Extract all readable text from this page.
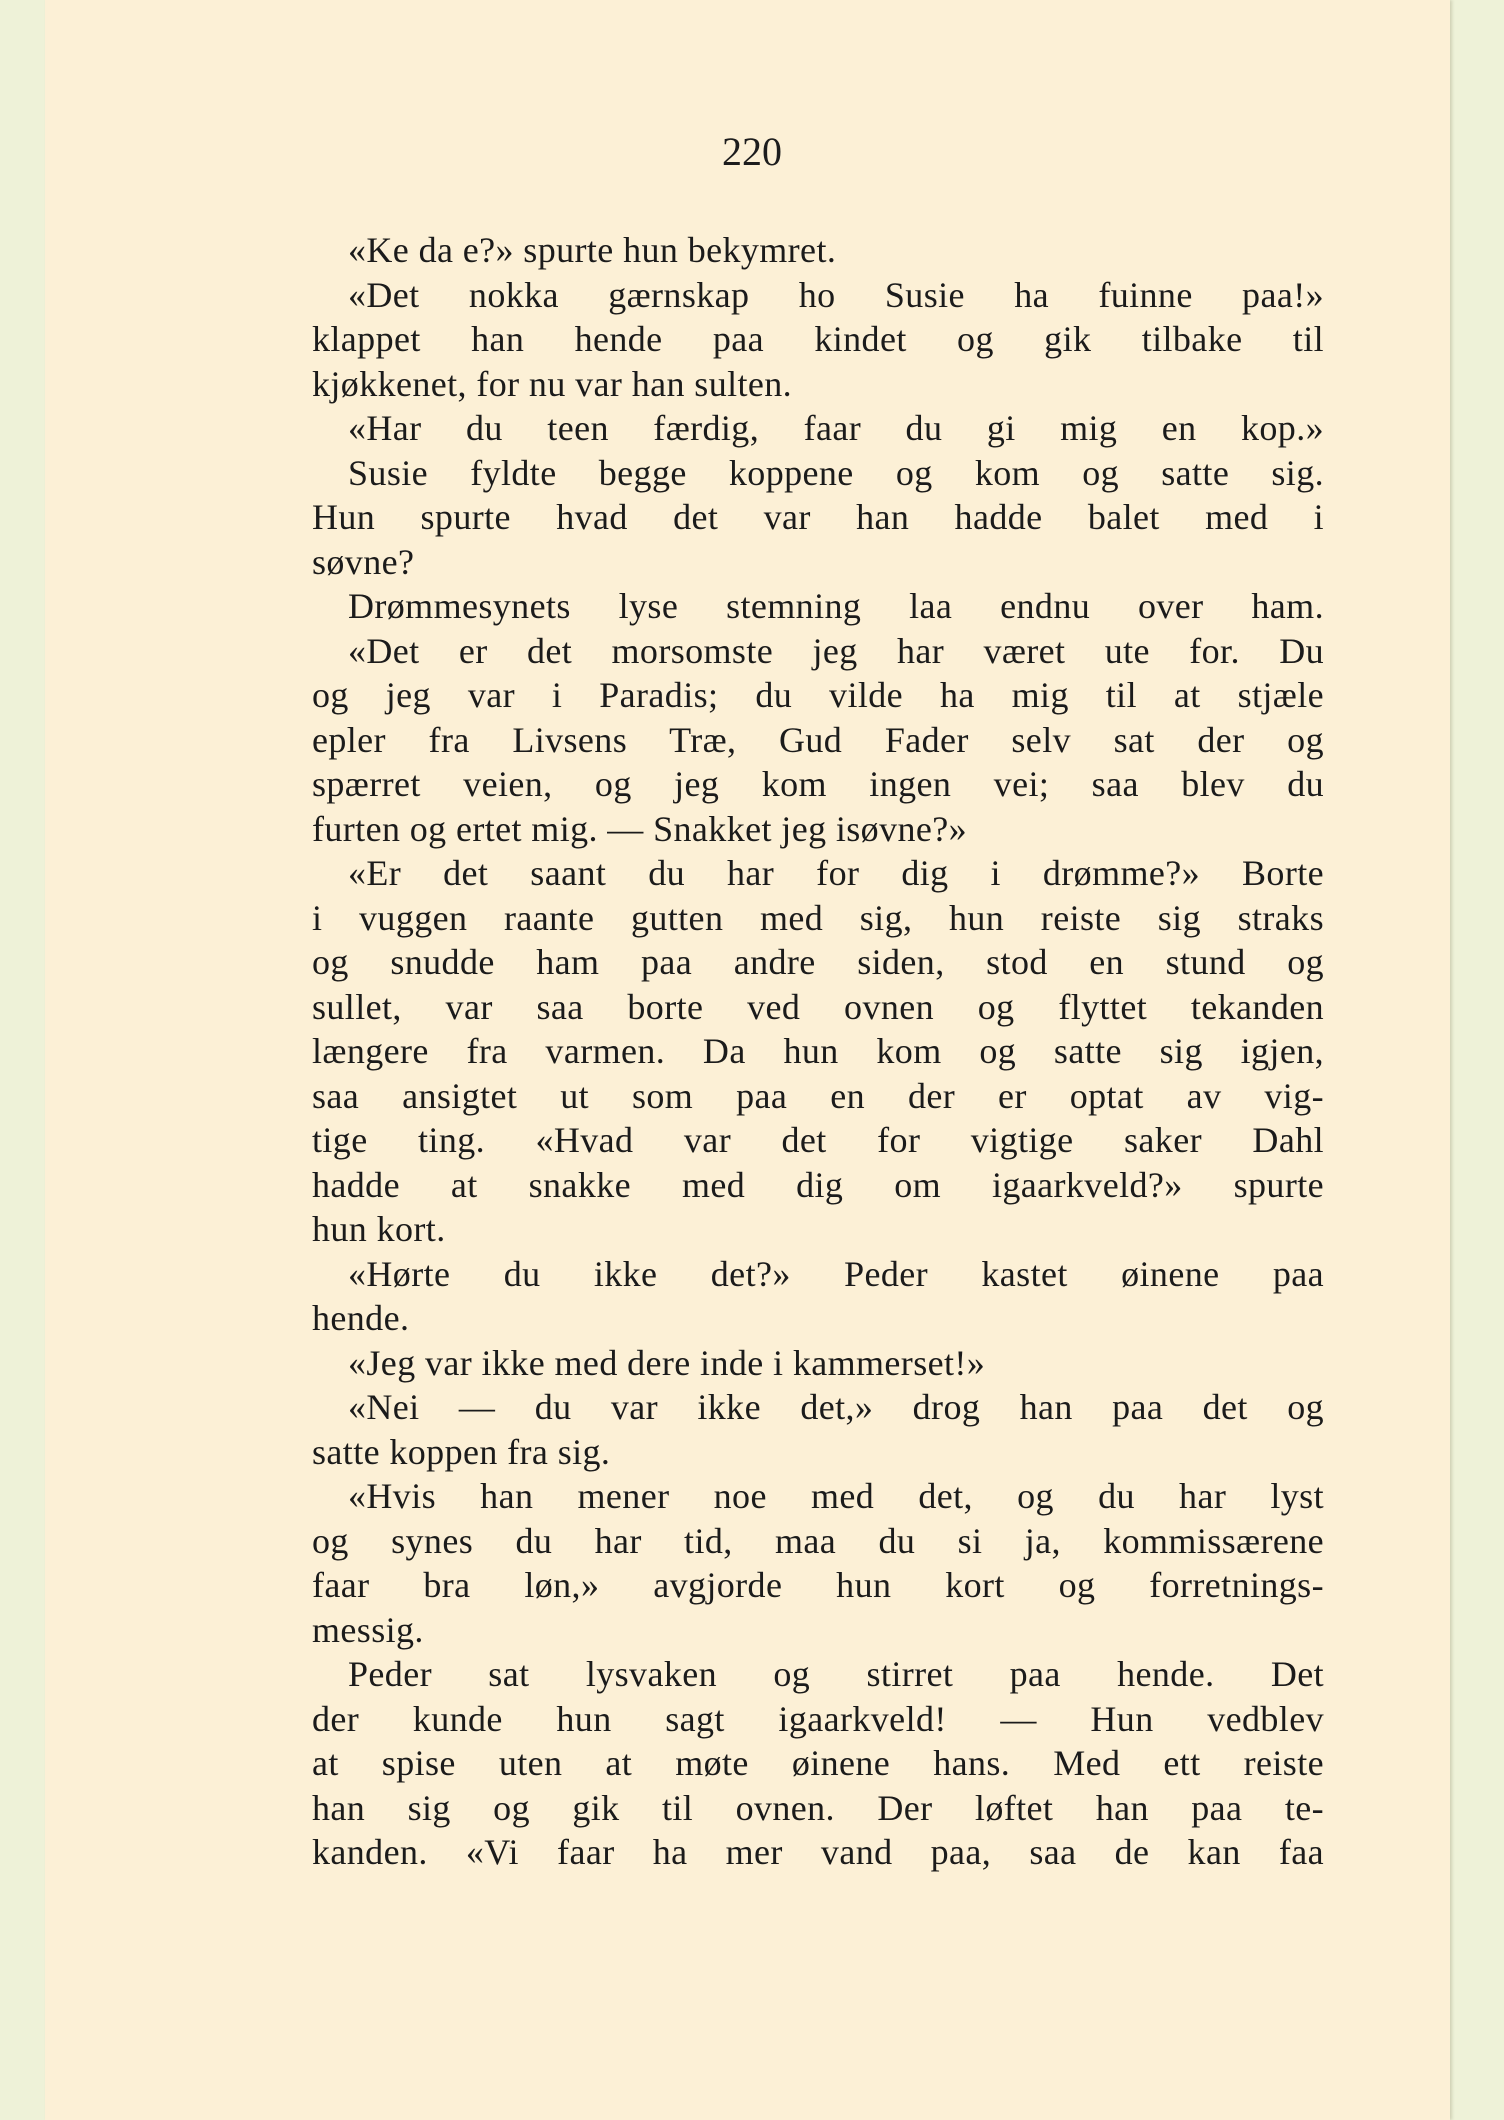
220
«Ke da e?» spurte hun bekymret.
«Det nokka gærnskap ho Susie ha fuinne paa!»
klappet han hende paa kindet og gik tilbake til
kjøkkenet, for nu var han sulten.
«Har du teen færdig, faar du gi mig en kop.»
Susie fyldte begge koppene og kom og satte sig.
Hun spurte hvad det var han hadde balet med i
søvne?
Drømmesynets lyse stemning laa endnu over ham.
«Det er det morsomste jeg har været ute for. Du
og jeg var i Paradis; du vilde ha mig til at stjæle
epler fra Livsens Træ, Gud Fader selv sat der og
spærret veien, og jeg kom ingen vei; saa blev du
furten og ertet mig. — Snakket jeg isøvne?»
«Er det saant du har for dig i drømme?» Borte
i vuggen raante gutten med sig, hun reiste sig straks
og snudde ham paa andre siden, stod en stund og
sullet, var saa borte ved ovnen og flyttet tekanden
længere fra varmen. Da hun kom og satte sig igjen,
saa ansigtet ut som paa en der er optat av vig-
tige ting. «Hvad var det for vigtige saker Dahl
hadde at snakke med dig om igaarkveld?» spurte
hun kort.
«Hørte du ikke det?» Peder kastet øinene paa
hende.
«Jeg var ikke med dere inde i kammerset!»
«Nei — du var ikke det,» drog han paa det og
satte koppen fra sig.
«Hvis han mener noe med det, og du har lyst
og synes du har tid, maa du si ja, kommissærene
faar bra løn,» avgjorde hun kort og forretnings-
messig.
Peder sat lysvaken og stirret paa hende. Det
der kunde hun sagt igaarkveld! — Hun vedblev
at spise uten at møte øinene hans. Med ett reiste
han sig og gik til ovnen. Der løftet han paa te-
kanden. «Vi faar ha mer vand paa, saa de kan faa
